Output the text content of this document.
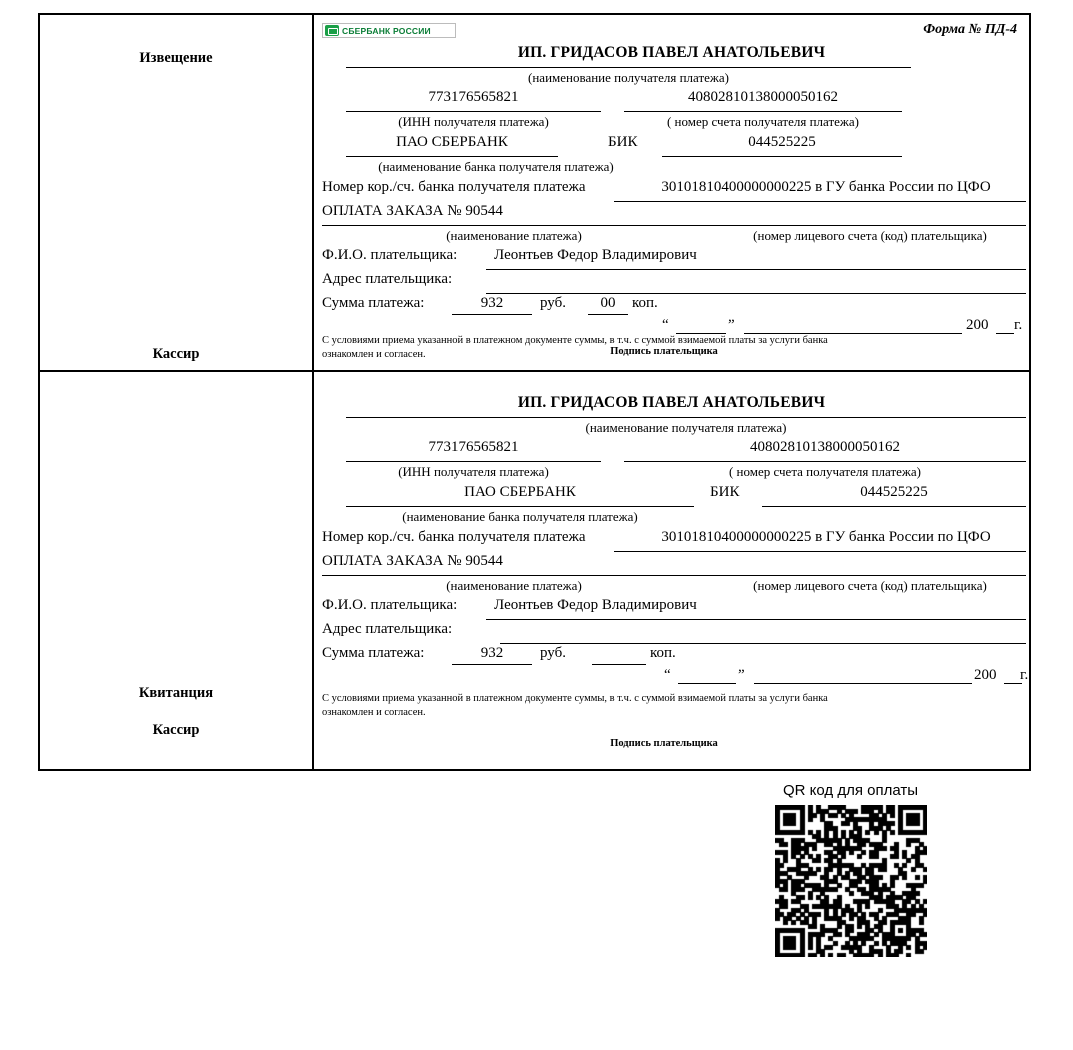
Извещение
Кассир
СБЕРБАНК РОССИИ	Форма № ПД-4
ИП. ГРИДАСОВ ПАВЕЛ АНАТОЛЬЕВИЧ
(наименование получателя платежа)
773176565821	40802810138000050162
(ИНН получателя платежа)	( номер счета получателя платежа)
ПАО СБЕРБАНК	БИК	044525225
(наименование банка получателя платежа)
Номер кор./сч. банка получателя платежа	30101810400000000225 в ГУ банка России по ЦФО
ОПЛАТА ЗАКАЗА № 90544
(наименование платежа)	(номер лицевого счета (код) плательщика)
Ф.И.О. плательщика: Леонтьев Федор Владимирович
Адрес плательщика:
Сумма платежа:	932	руб.	00	коп.
“	”	200 г.
С условиями приема указанной в платежном документе суммы, в т.ч. с суммой взимаемой платы за услуги банка
ознакомлен и согласен.	Подпись плательщика
Квитанция
Кассир
ИП. ГРИДАСОВ ПАВЕЛ АНАТОЛЬЕВИЧ
(наименование получателя платежа)
773176565821	40802810138000050162
(ИНН получателя платежа)	( номер счета получателя платежа)
ПАО СБЕРБАНК	БИК	044525225
(наименование банка получателя платежа)
Номер кор./сч. банка получателя платежа	30101810400000000225 в ГУ банка России по ЦФО
ОПЛАТА ЗАКАЗА № 90544
(наименование платежа)	(номер лицевого счета (код) плательщика)
Ф.И.О. плательщика: Леонтьев Федор Владимирович
Адрес плательщика:
Сумма платежа:	932	руб.	коп.
“	”	200 г.
С условиями приема указанной в платежном документе суммы, в т.ч. с суммой взимаемой платы за услуги банка
ознакомлен и согласен.
Подпись плательщика
QR код для оплаты
